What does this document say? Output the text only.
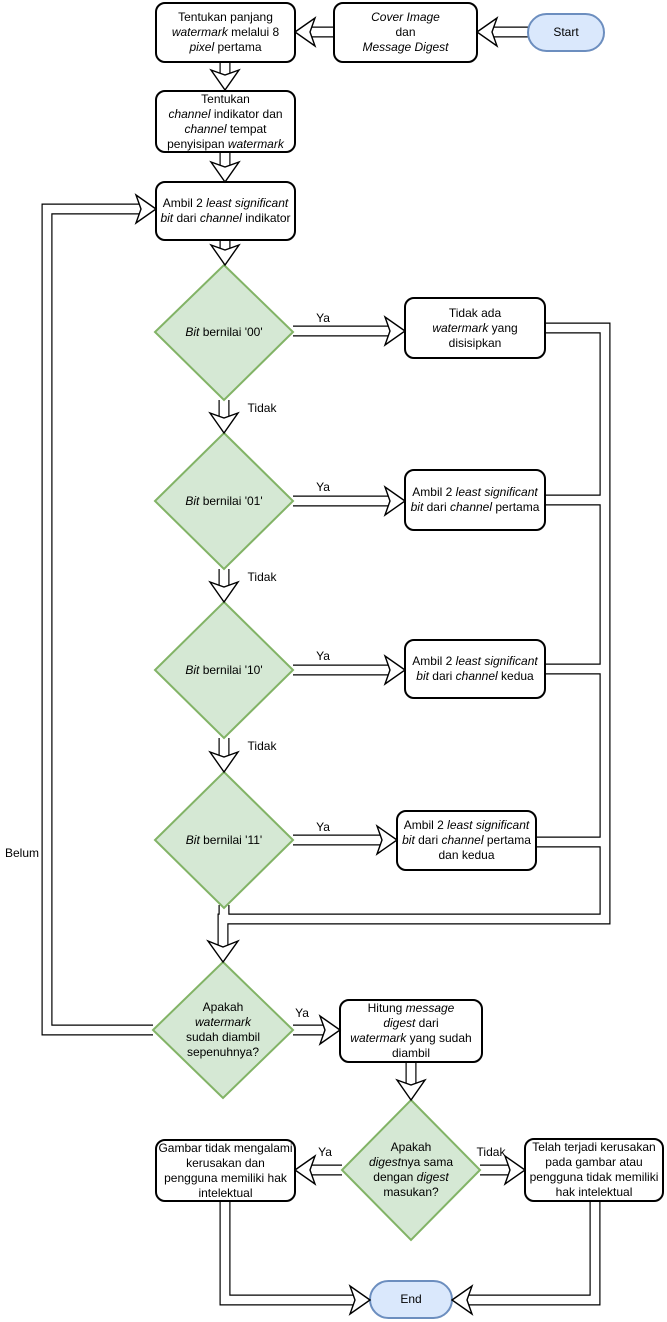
Start
Cover Image
dan
Message Digest
Tentukan panjang
watermark melalui 8
pixel pertama
Tentukan
channel indikator dan
channel tempat
penyisipan watermark
Ambil 2 least significant
bit dari channel indikator
Bit bernilai '00'
Tidak ada
watermark yang
disisipkan
Bit bernilai '01'
Ambil 2 least significant
bit dari channel pertama
Bit bernilai '10'
Ambil 2 least significant
bit dari channel kedua
Bit bernilai '11'
Ambil 2 least significant
bit dari channel pertama
dan kedua
Apakah
watermark
sudah diambil
sepenuhnya?
Hitung message
digest dari
watermark yang sudah
diambil
Apakah
digestnya sama
dengan digest
masukan?
Gambar tidak mengalami
kerusakan dan
pengguna memiliki hak
intelektual
Telah terjadi kerusakan
pada gambar atau
pengguna tidak memiliki
hak intelektual
End
Ya
Tidak
Ya
Tidak
Ya
Tidak
Ya
Ya
Belum
Ya	Tidak
